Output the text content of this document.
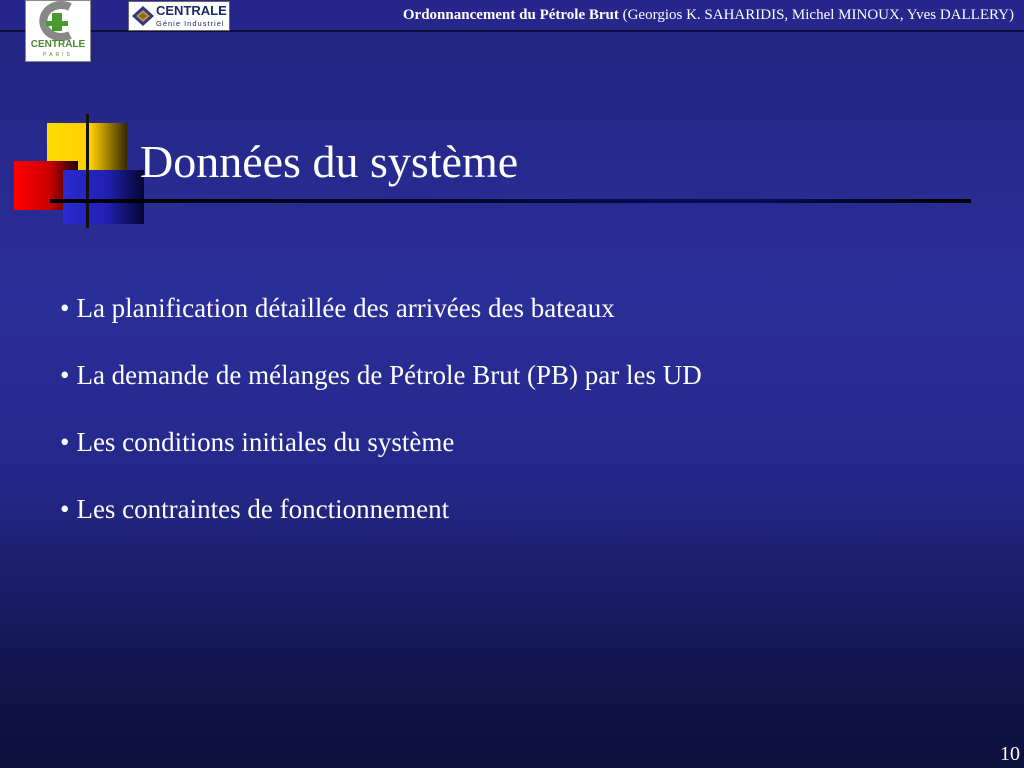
CENTRALE
PARIS
CENTRALE
Génie Industriel
Ordonnancement du Pétrole Brut (Georgios K. SAHARIDIS, Michel MINOUX, Yves DALLERY)
Données du système
• La planification détaillée des arrivées des bateaux
• La demande de mélanges de Pétrole Brut (PB) par les UD
• Les conditions initiales du système
• Les contraintes de fonctionnement
10
